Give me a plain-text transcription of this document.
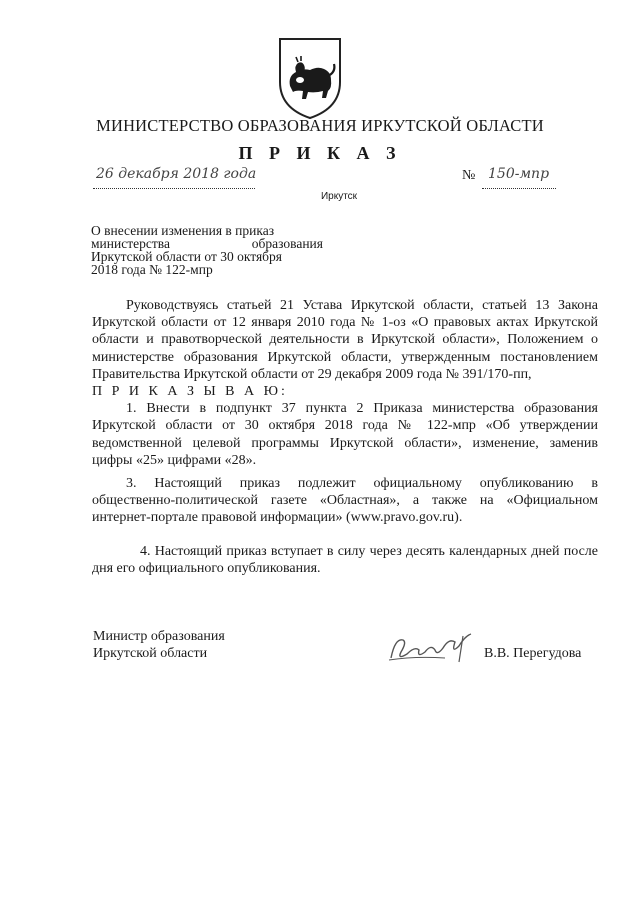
МИНИСТЕРСТВО ОБРАЗОВАНИЯ ИРКУТСКОЙ ОБЛАСТИ
П Р И К А З
26 декабря 2018 года	№ 150-мпр
Иркутск

О внесении изменения в приказ

министерства образования

Иркутской области от 30 октября

2018 года № 122-мпр

Руководствуясь статьей 21 Устава Иркутской области, статьей 13 Закона Иркутской области от 12 января 2010 года № 1-оз «О правовых актах Иркутской области и правотворческой деятельности в Иркутской области», Положением о министерстве образования Иркутской области, утвержденным постановлением Правительства Иркутской области от 29 декабря 2009 года № 391/170-пп,

П Р И К А З Ы В А Ю:

1. Внести в подпункт 37 пункта 2 Приказа министерства образования Иркутской области от 30 октября 2018 года № 122-мпр «Об утверждении ведомственной целевой программы Иркутской области», изменение, заменив цифры «25» цифрами «28».

3. Настоящий приказ подлежит официальному опубликованию в общественно-политической газете «Областная», а также на «Официальном интернет-портале правовой информации» (www.pravo.gov.ru).

4. Настоящий приказ вступает в силу через десять календарных дней после дня его официального опубликования.

Министр образования

Иркутской области	В.В. Перегудова
